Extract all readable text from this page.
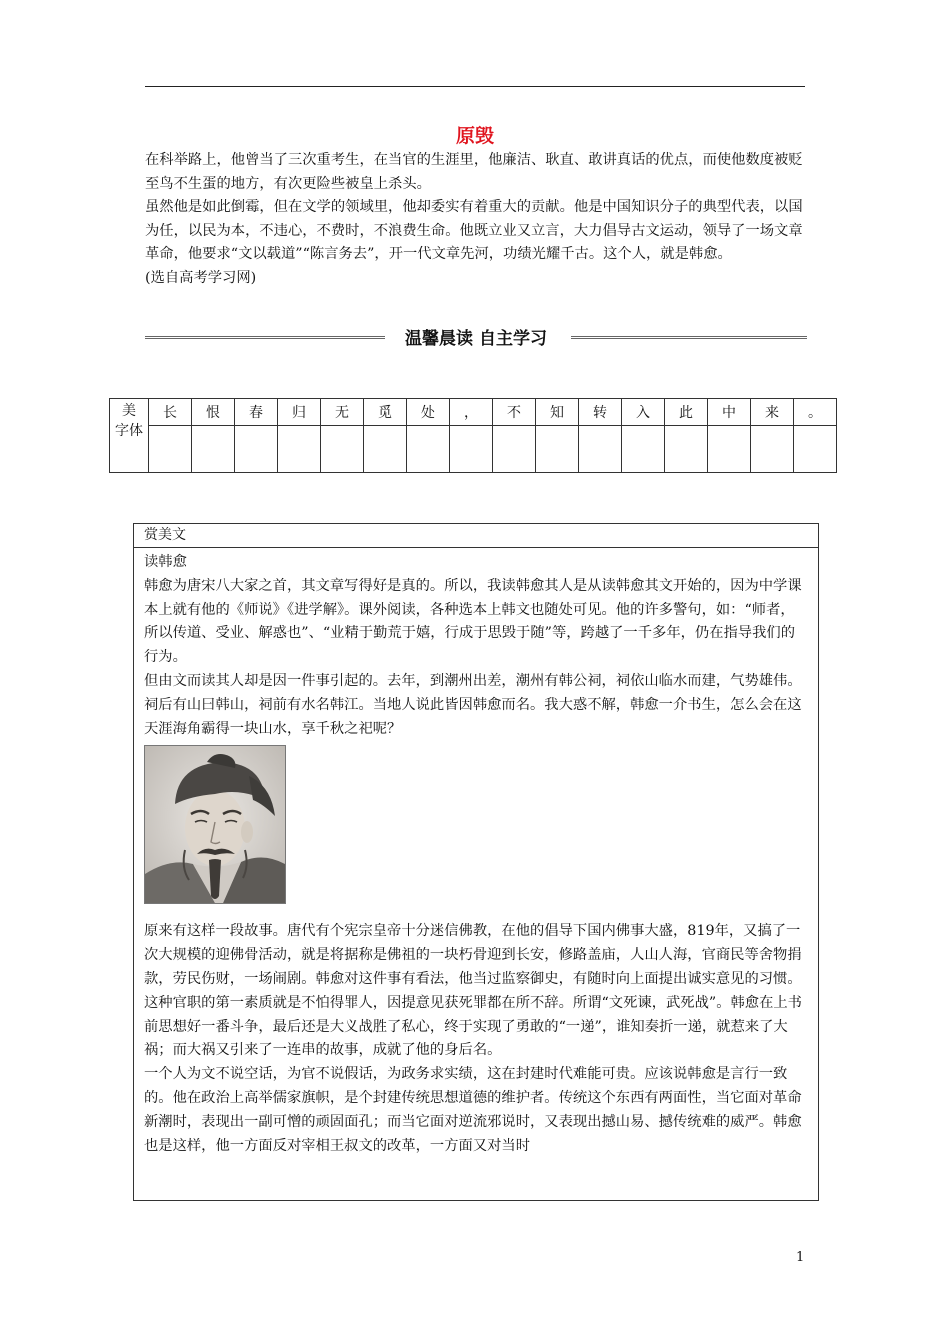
原毁

在科举路上，他曾当了三次重考生，在当官的生涯里，他廉洁、耿直、敢讲真话的优点，而使他数度被贬至鸟不生蛋的地方，有次更险些被皇上杀头。

虽然他是如此倒霉，但在文学的领域里，他却委实有着重大的贡献。他是中国知识分子的典型代表，以国为任，以民为本，不违心，不费时，不浪费生命。他既立业又立言，大力倡导古文运动，领导了一场文章革命，他要求“文以载道”“陈言务去”，开一代文章先河，功绩光耀千古。这个人，就是韩愈。

(选自高考学习网)

温馨晨读 自主学习
美
字体	长	恨	春	归	无	觅	处	，	不	知	转	入	此	中	来	。

赏美文

读韩愈

韩愈为唐宋八大家之首，其文章写得好是真的。所以，我读韩愈其人是从读韩愈其文开始的，因为中学课本上就有他的《师说》《进学解》。课外阅读，各种选本上韩文也随处可见。他的许多警句，如：“师者，所以传道、受业、解惑也”、“业精于勤荒于嬉，行成于思毁于随”等，跨越了一千多年，仍在指导我们的行为。

但由文而读其人却是因一件事引起的。去年，到潮州出差，潮州有韩公祠，祠依山临水而建，气势雄伟。祠后有山曰韩山，祠前有水名韩江。当地人说此皆因韩愈而名。我大惑不解，韩愈一介书生，怎么会在这天涯海角霸得一块山水，享千秋之祀呢？

原来有这样一段故事。唐代有个宪宗皇帝十分迷信佛教，在他的倡导下国内佛事大盛，819年，又搞了一次大规模的迎佛骨活动，就是将据称是佛祖的一块朽骨迎到长安，修路盖庙，人山人海，官商民等舍物捐款，劳民伤财，一场闹剧。韩愈对这件事有看法，他当过监察御史，有随时向上面提出诚实意见的习惯。这种官职的第一素质就是不怕得罪人，因提意见获死罪都在所不辞。所谓“文死谏，武死战”。韩愈在上书前思想好一番斗争，最后还是大义战胜了私心，终于实现了勇敢的“一递”，谁知奏折一递，就惹来了大祸；而大祸又引来了一连串的故事，成就了他的身后名。

一个人为文不说空话，为官不说假话，为政务求实绩，这在封建时代难能可贵。应该说韩愈是言行一致的。他在政治上高举儒家旗帜，是个封建传统思想道德的维护者。传统这个东西有两面性，当它面对革命新潮时，表现出一副可憎的顽固面孔；而当它面对逆流邪说时，又表现出撼山易、撼传统难的威严。韩愈也是这样，他一方面反对宰相王叔文的改革，一方面又对当时

1
